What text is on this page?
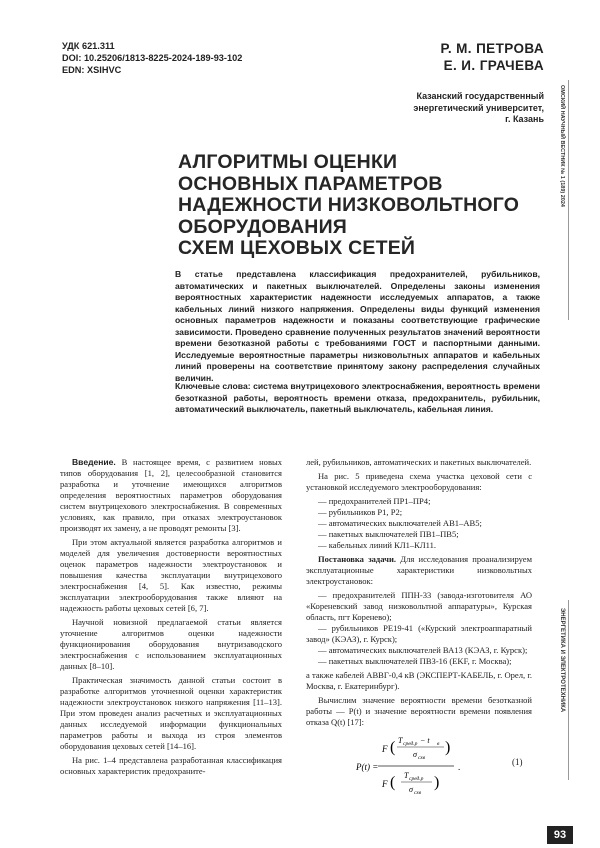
УДК 621.311
DOI: 10.25206/1813-8225-2024-189-93-102
EDN: XSIHVC
Р. М. ПЕТРОВА
Е. И. ГРАЧЕВА
Казанский государственный
энергетический университет,
г. Казань
АЛГОРИТМЫ ОЦЕНКИ
ОСНОВНЫХ ПАРАМЕТРОВ
НАДЕЖНОСТИ НИЗКОВОЛЬТНОГО
ОБОРУДОВАНИЯ
СХЕМ ЦЕХОВЫХ СЕТЕЙ
В статье представлена классификация предохранителей, рубильников, автоматических и пакетных выключателей. Определены законы изменения вероятностных характеристик надежности исследуемых аппаратов, а также кабельных линий низкого напряжения. Определены виды функций изменения основных параметров надежности и показаны соответствующие графические зависимости. Проведено сравнение полученных результатов значений вероятности времени безотказной работы с требованиями ГОСТ и паспортными данными. Исследуемые вероятностные параметры низковольтных аппаратов и кабельных линий проверены на соответствие принятому закону распределения случайных величин.
Ключевые слова: система внутрицехового электроснабжения, вероятность времени безотказной работы, вероятность времени отказа, предохранитель, рубильник, автоматический выключатель, пакетный выключатель, кабельная линия.

Введение. В настоящее время, с развитием новых типов оборудования [1, 2], целесообразной становится разработка и уточнение имеющихся алгоритмов определения вероятностных параметров оборудования систем внутрицехового электроснабжения. В современных условиях, как правило, при отказах электроустановок производят их замену, а не проводят ремонты [3].

При этом актуальной является разработка алгоритмов и моделей для увеличения достоверности вероятностных оценок параметров надежности электроустановок и повышения качества эксплуатации внутрицехового электроснабжения [4, 5]. Как известно, режимы эксплуатации электрооборудования также влияют на надежность работы цеховых сетей [6, 7].

Научной новизной предлагаемой статьи является уточнение алгоритмов оценки надежности функционирования оборудования внутризаводского электроснабжения с использованием эксплуатационных данных [8–10].

Практическая значимость данной статьи состоит в разработке алгоритмов уточненной оценки характеристик надежности электроустановок низкого напряжения [11–13]. При этом проведен анализ расчетных и эксплуатационных данных исследуемой информации функциональных параметров работы и выхода из строя элементов оборудования цеховых сетей [14–16].

На рис. 1–4 представлена разработанная классификация основных характеристик предохраните-

лей, рубильников, автоматических и пакетных выключателей.

На рис. 5 приведена схема участка цеховой сети с установкой исследуемого электрооборудования:

— предохранителей ПР1–ПР4;
— рубильников Р1, Р2;
— автоматических выключателей АВ1–АВ5;
— пакетных выключателей ПВ1–ПВ5;
— кабельных линий КЛ1–КЛ11.

Постановка задачи. Для исследования проанализируем эксплуатационные характеристики низковольтных электроустановок:

— предохранителей ППН-33 (завода-изготовителя АО «Кореневский завод низковольтной аппаратуры», Курская область, пгт Коренево);
— рубильников РЕ19-41 («Курский электроаппаратный завод» (КЭАЗ), г. Курск);
— автоматических выключателей ВА13 (КЭАЗ, г. Курск);
— пакетных выключателей ПВЗ-16 (EKF, г. Москва);

а также кабелей АВВГ-0,4 кВ (ЭКСПЕРТ-КАБЕЛЬ, г. Орел, г. Москва, г. Екатеринбург).

Вычислим значение вероятности времени безотказной работы — P(t) и значение вероятности времени появления отказа Q(t) [17]:

P(t) =
F ( T сред.р − t в
σ схв
)
F ( T сред.р
σ схв
)
.	(1)
ОМСКИЙ НАУЧНЫЙ ВЕСТНИК № 1 (189) 2024
ЭНЕРГЕТИКА И ЭЛЕКТРОТЕХНИКА
93
